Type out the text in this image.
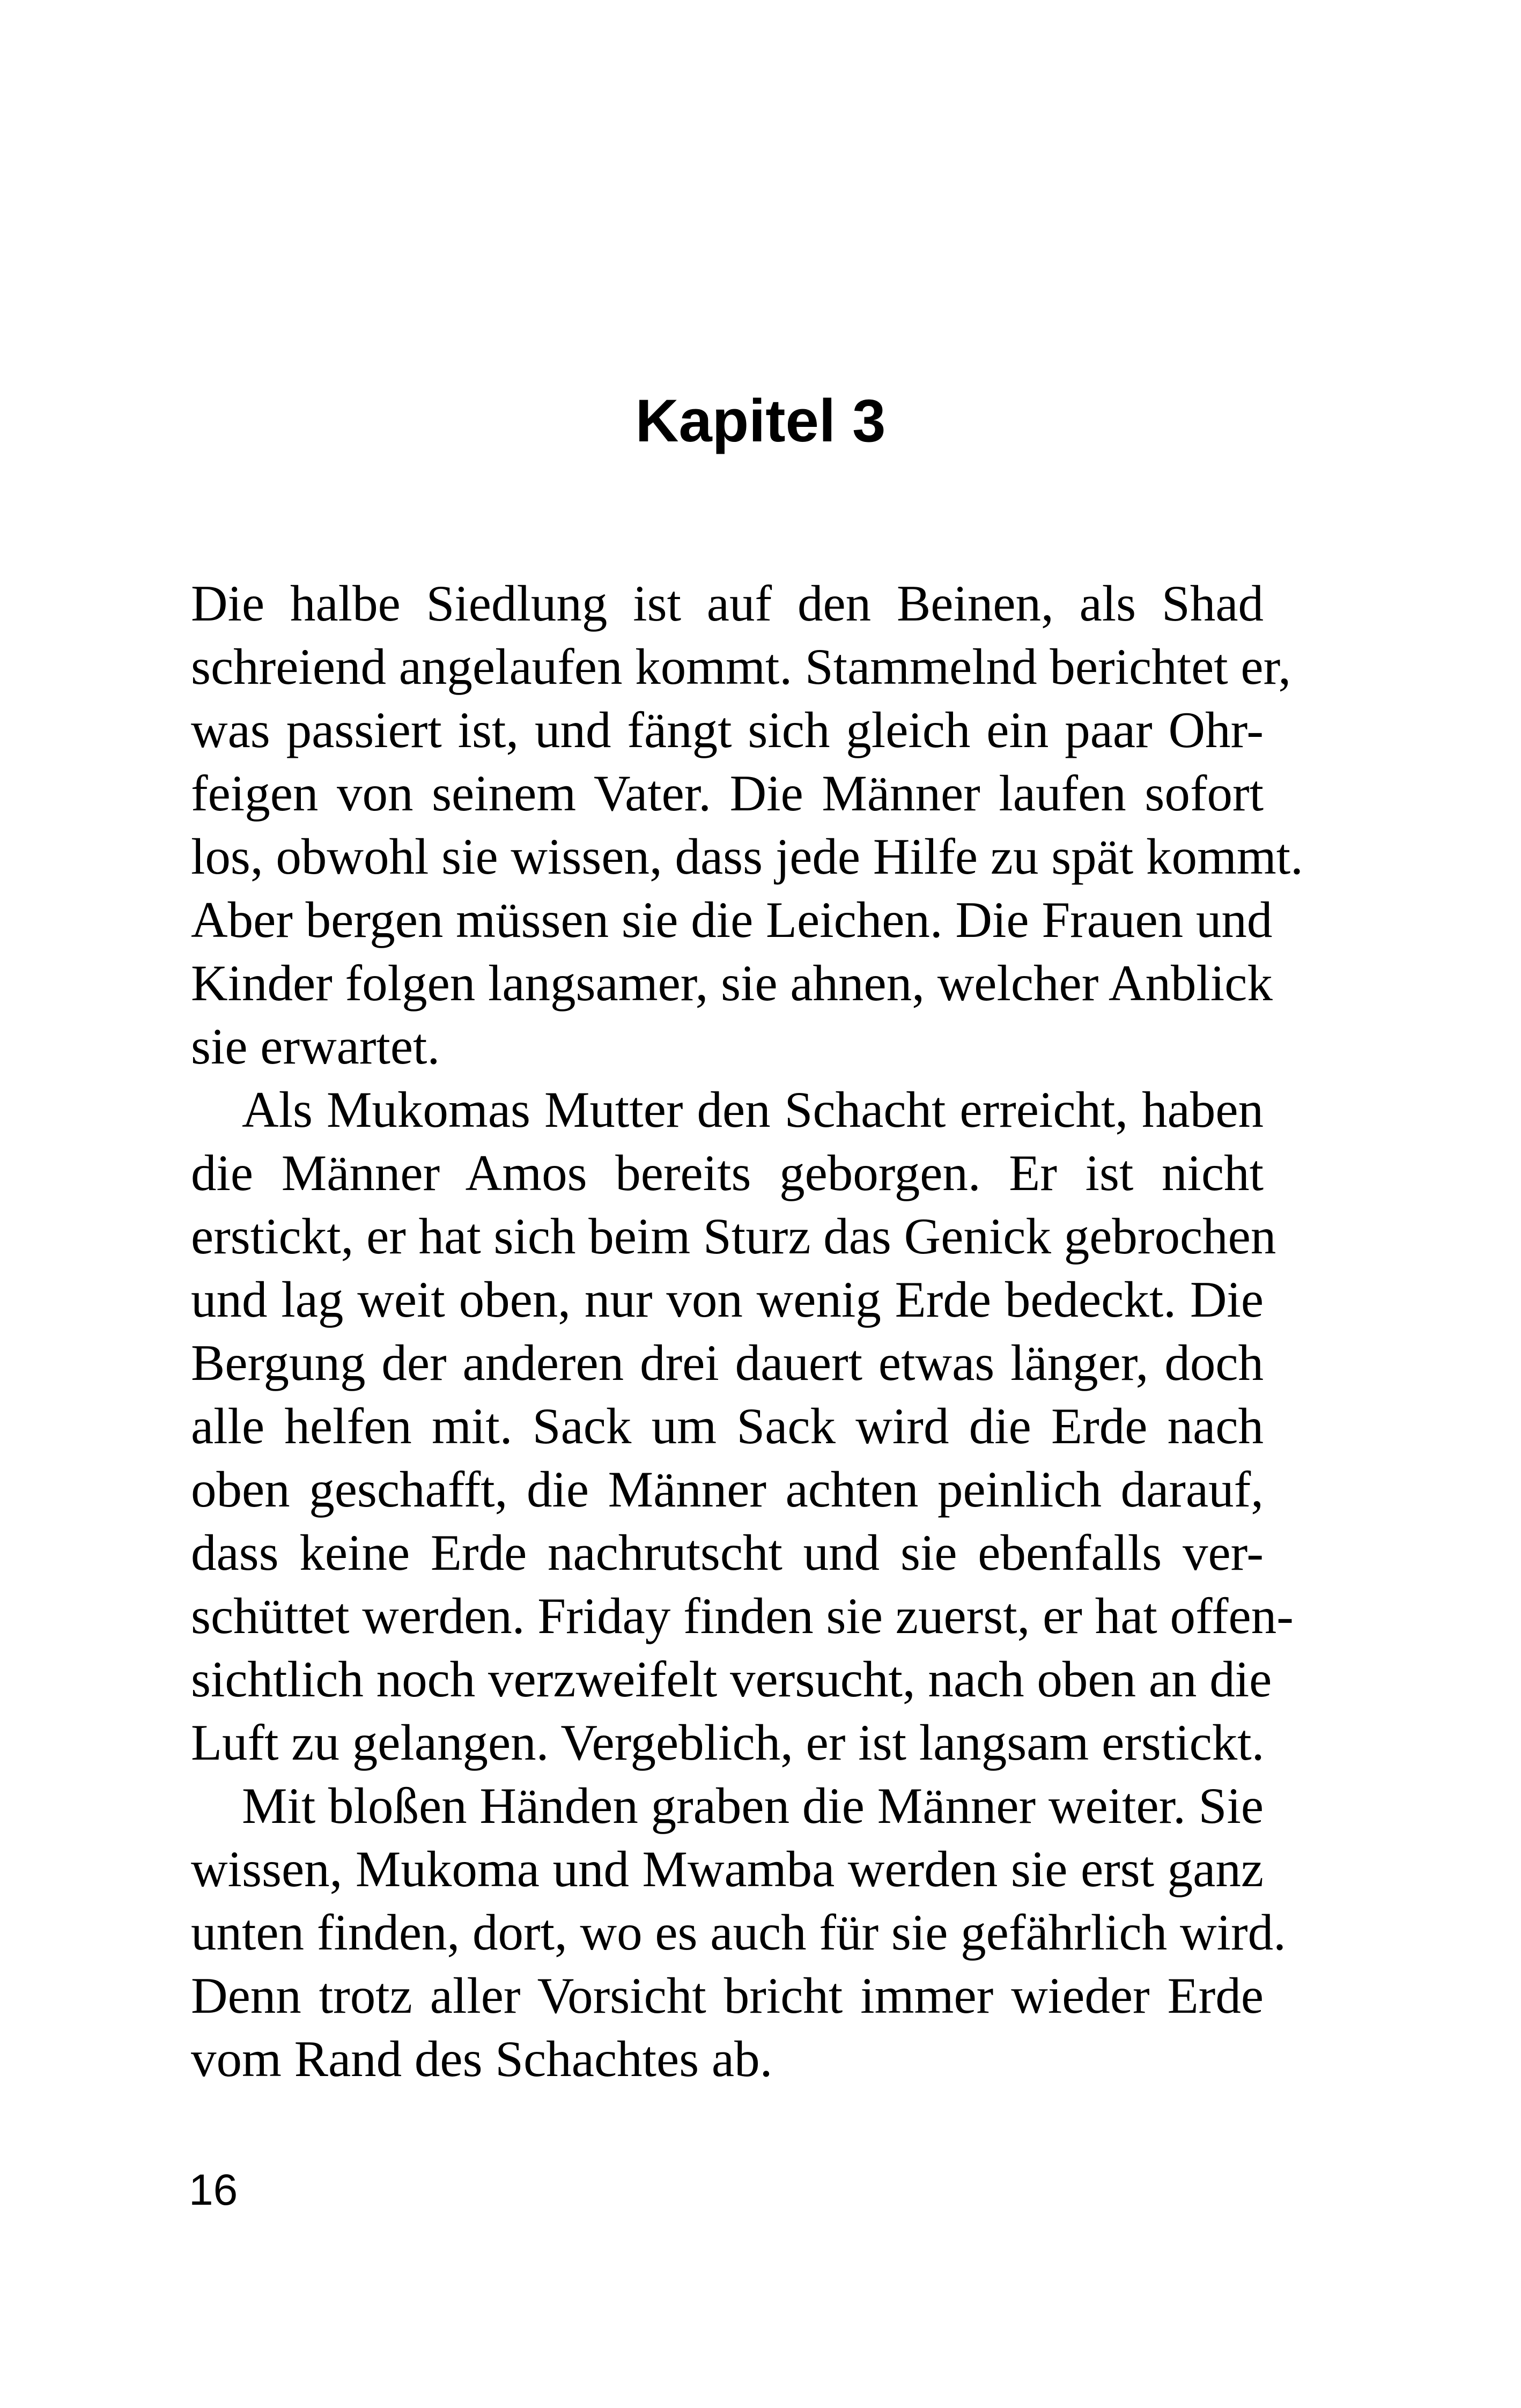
Kapitel 3
Die halbe Siedlung ist auf den Beinen, als Shad
schreiend angelaufen kommt. Stammelnd berichtet er,
was passiert ist, und fängt sich gleich ein paar Ohr-
feigen von seinem Vater. Die Männer laufen sofort
los, obwohl sie wissen, dass jede Hilfe zu spät kommt.
Aber bergen müssen sie die Leichen. Die Frauen und
Kinder folgen langsamer, sie ahnen, welcher Anblick
sie erwartet.
Als Mukomas Mutter den Schacht erreicht, haben
die Männer Amos bereits geborgen. Er ist nicht
erstickt, er hat sich beim Sturz das Genick gebrochen
und lag weit oben, nur von wenig Erde bedeckt. Die
Bergung der anderen drei dauert etwas länger, doch
alle helfen mit. Sack um Sack wird die Erde nach
oben geschafft, die Männer achten peinlich darauf,
dass keine Erde nachrutscht und sie ebenfalls ver-
schüttet werden. Friday finden sie zuerst, er hat offen-
sichtlich noch verzweifelt versucht, nach oben an die
Luft zu gelangen. Vergeblich, er ist langsam erstickt.
Mit bloßen Händen graben die Männer weiter. Sie
wissen, Mukoma und Mwamba werden sie erst ganz
unten finden, dort, wo es auch für sie gefährlich wird.
Denn trotz aller Vorsicht bricht immer wieder Erde
vom Rand des Schachtes ab.
16
